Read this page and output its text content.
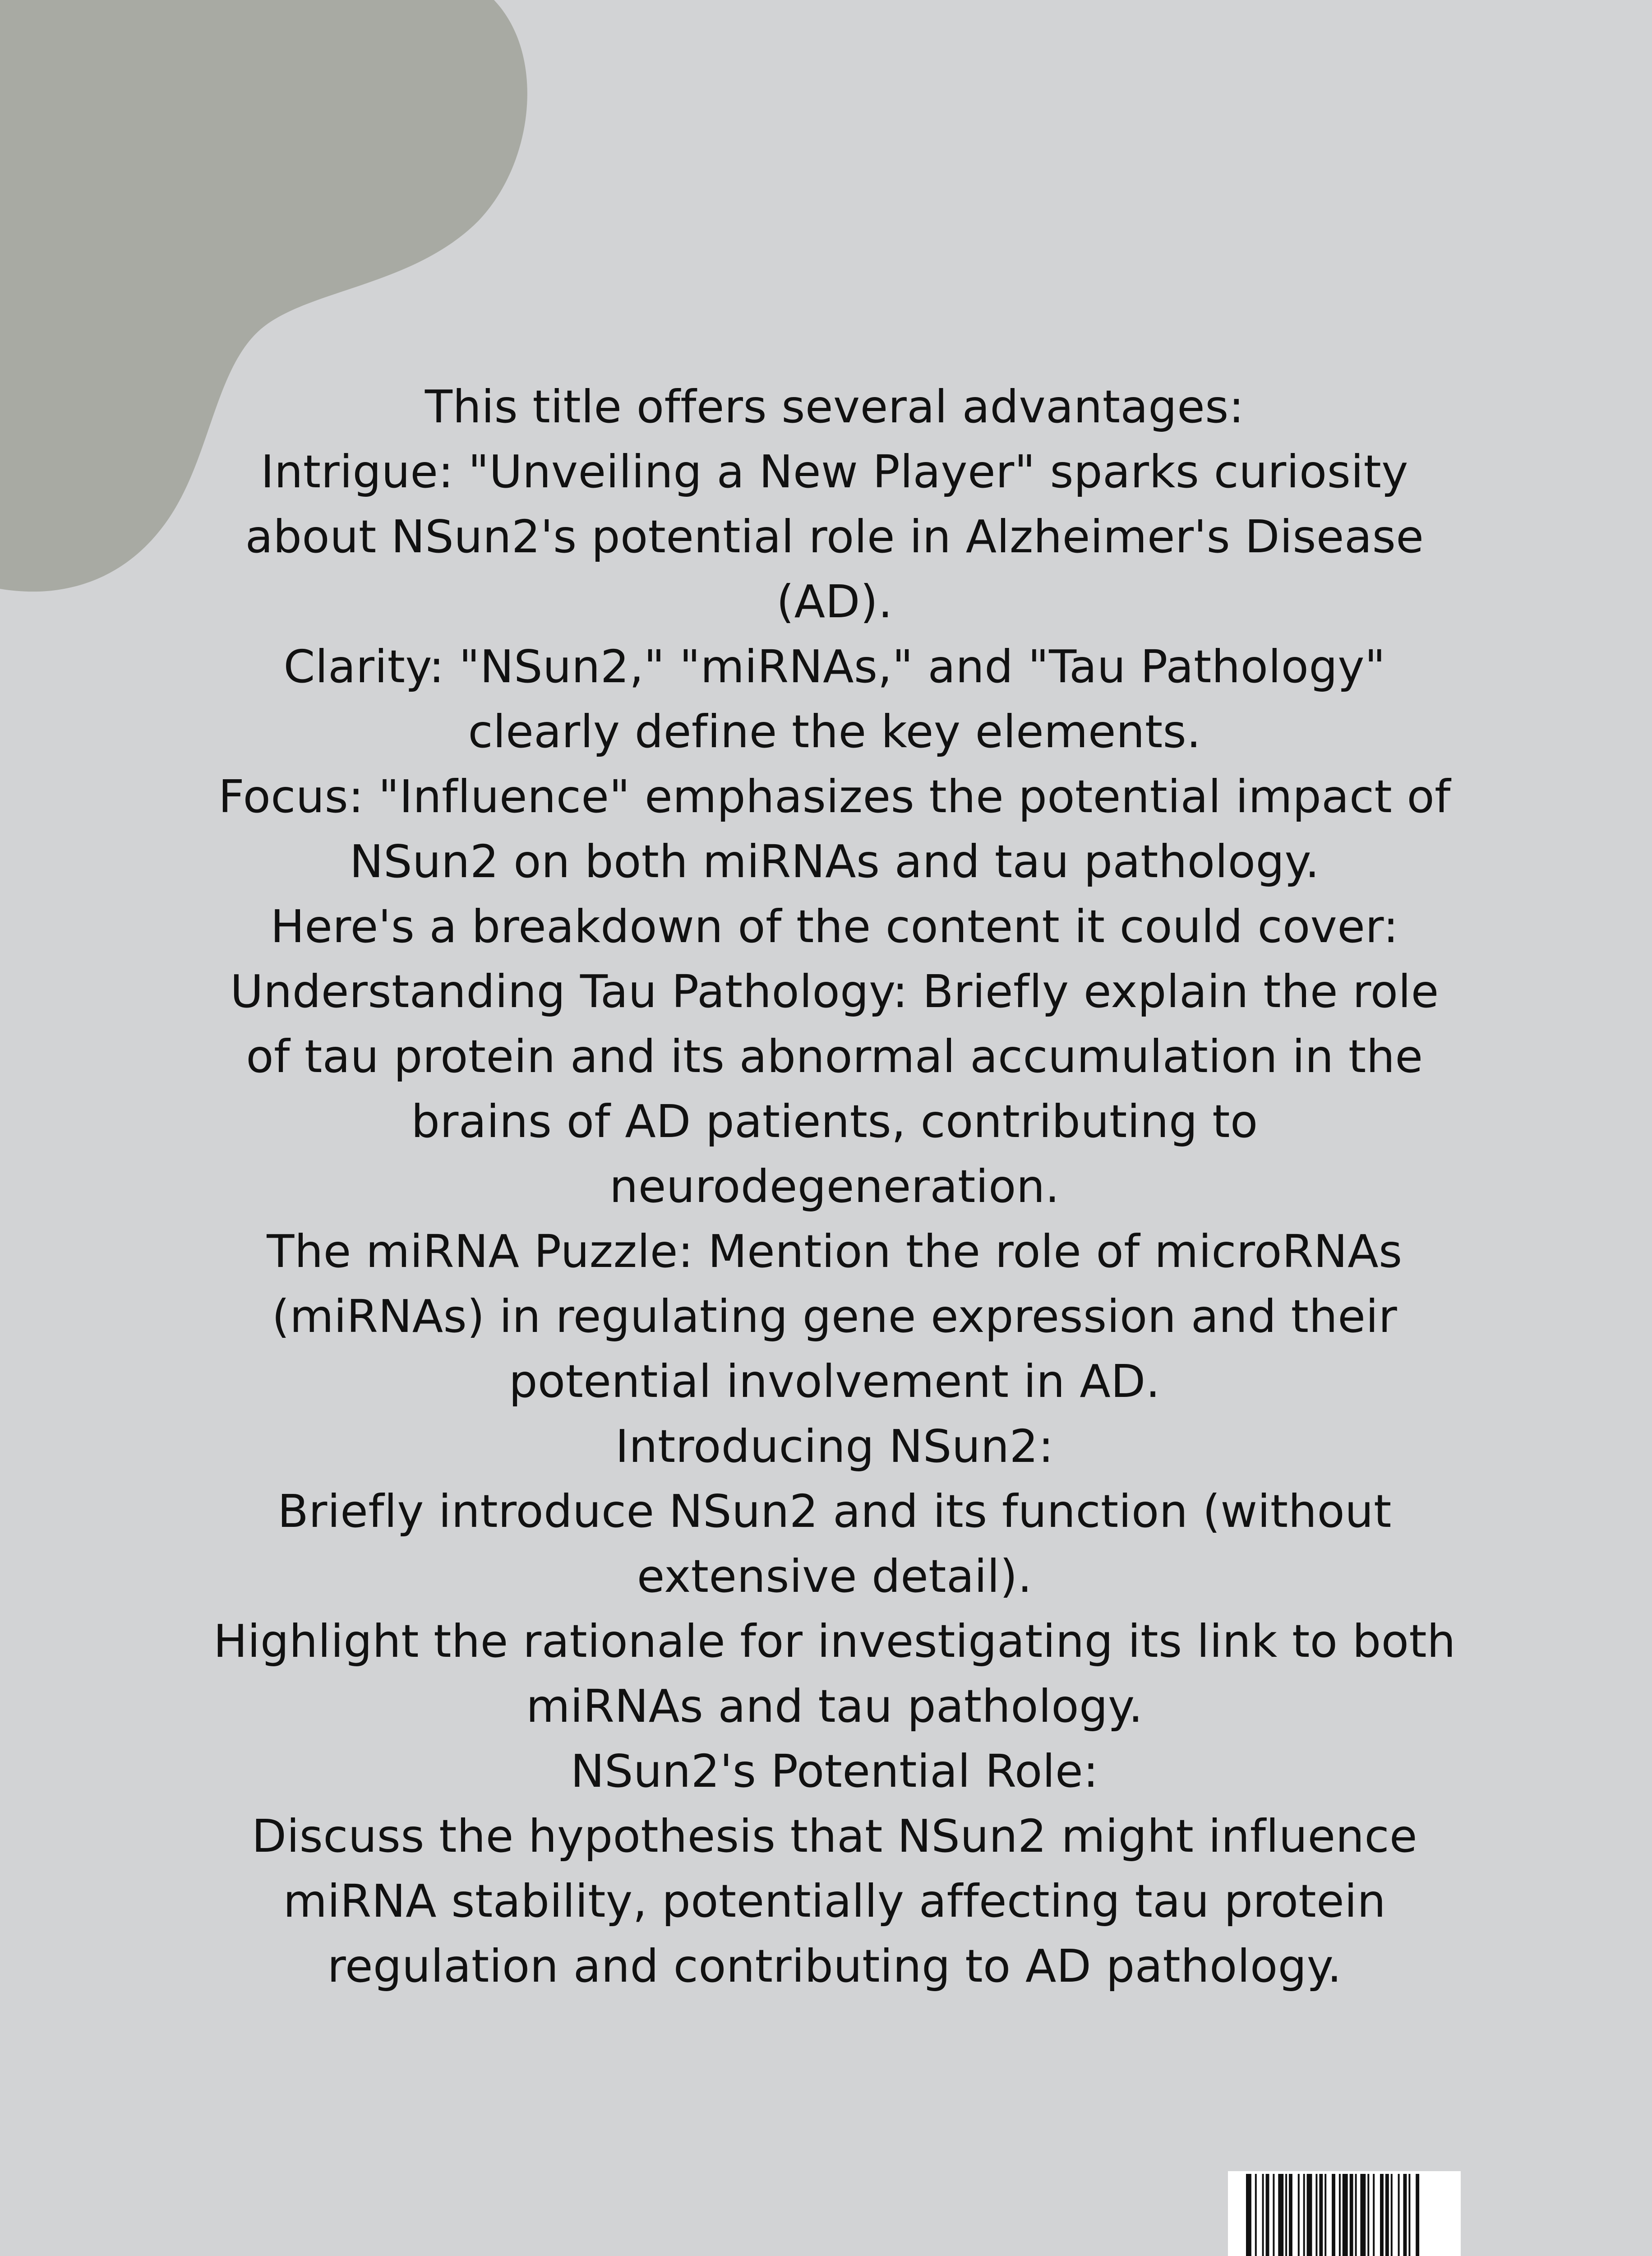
This title offers several advantages:

Intrigue: "Unveiling a New Player" sparks curiosity about NSun2's potential role in Alzheimer's Disease (AD).

Clarity: "NSun2," "miRNAs," and "Tau Pathology" clearly define the key elements.

Focus: "Influence" emphasizes the potential impact of NSun2 on both miRNAs and tau pathology.

Here's a breakdown of the content it could cover:

Understanding Tau Pathology: Briefly explain the role of tau protein and its abnormal accumulation in the brains of AD patients, contributing to neurodegeneration.

The miRNA Puzzle: Mention the role of microRNAs (miRNAs) in regulating gene expression and their potential involvement in AD.

Introducing NSun2:

Briefly introduce NSun2 and its function (without extensive detail).

Highlight the rationale for investigating its link to both miRNAs and tau pathology.

NSun2's Potential Role:

Discuss the hypothesis that NSun2 might influence miRNA stability, potentially affecting tau protein regulation and contributing to AD pathology.
